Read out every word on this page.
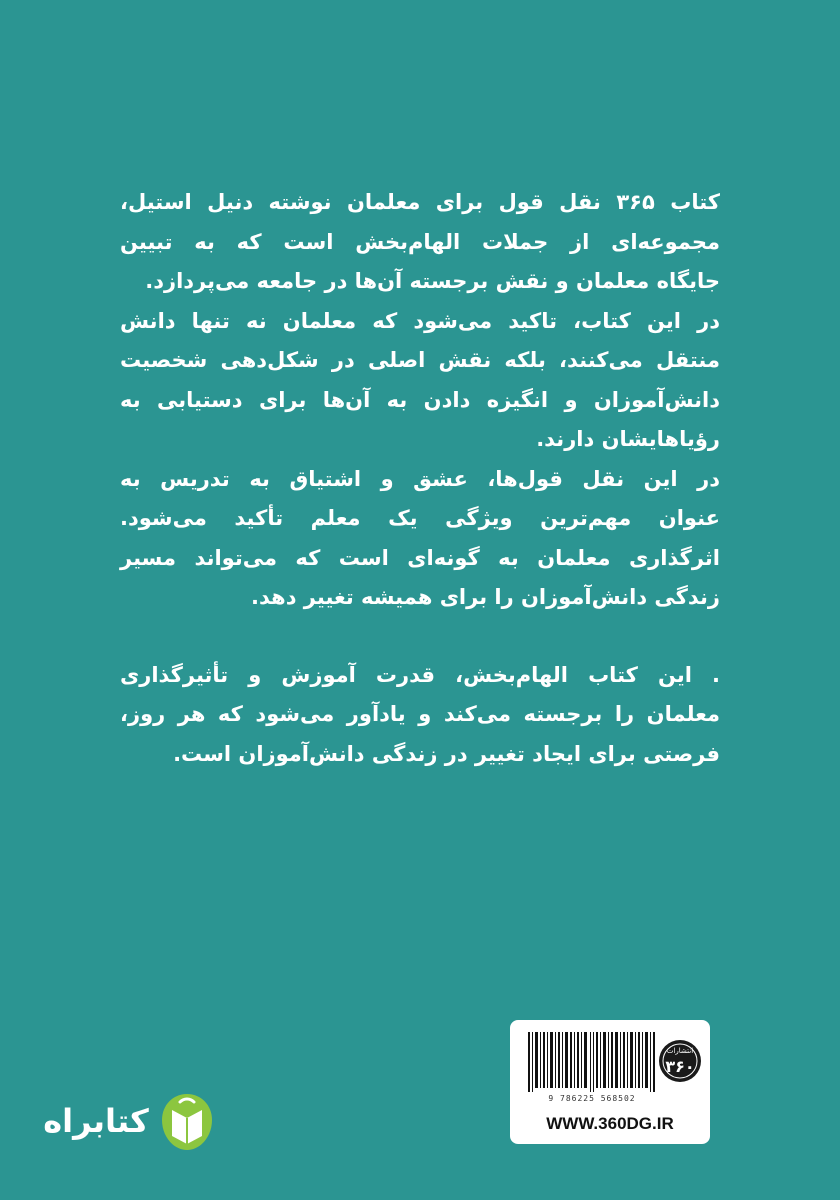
کتاب ۳۶۵ نقل قول برای معلمان نوشته دنیل استیل،

مجموعه‌ای از جملات الهام‌بخش است که به تبیین

جایگاه معلمان و نقش برجسته آن‌ها در جامعه می‌پردازد.

در این کتاب، تاکید می‌شود که معلمان نه تنها دانش

منتقل می‌کنند، بلکه نقش اصلی در شکل‌دهی شخصیت

دانش‌آموزان و انگیزه دادن به آن‌ها برای دستیابی به

رؤیاهایشان دارند.

در این نقل قول‌ها، عشق و اشتیاق به تدریس به

عنوان مهم‌ترین ویژگی یک معلم تأکید می‌شود.

اثرگذاری معلمان به گونه‌ای است که می‌تواند مسیر

زندگی دانش‌آموزان را برای همیشه تغییر دهد.

. این کتاب الهام‌بخش، قدرت آموزش و تأثیرگذاری

معلمان را برجسته می‌کند و یادآور می‌شود که هر روز،

فرصتی برای ایجاد تغییر در زندگی دانش‌آموزان است.

9 786225 568502
انتشارات
۳۶۰
WWW.360DG.IR
کتابراه
